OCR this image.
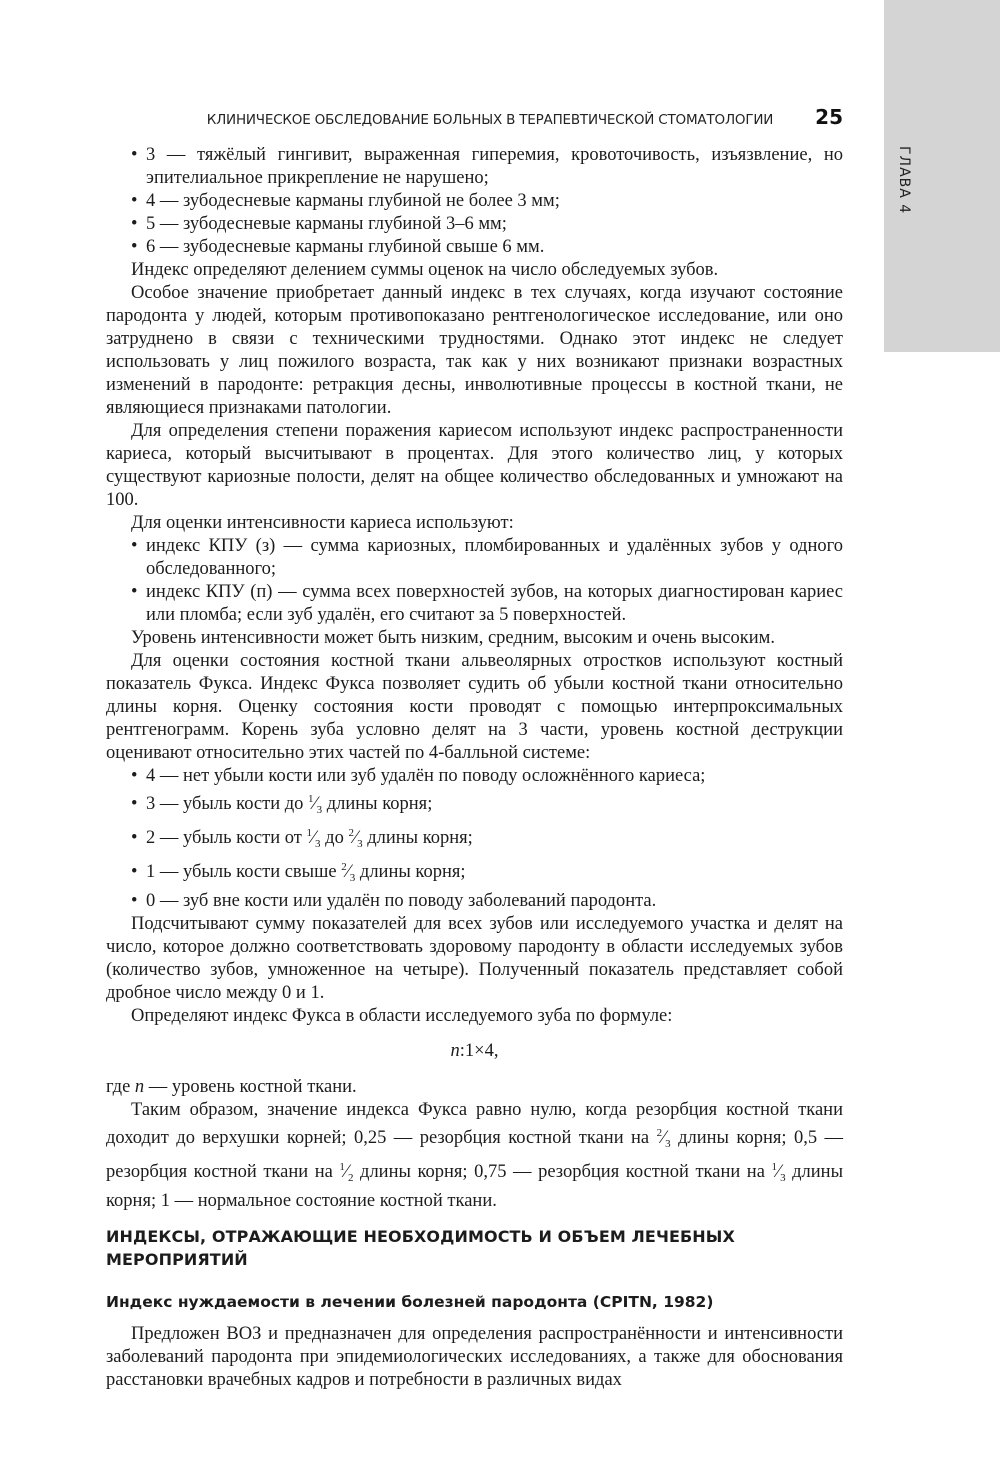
ГЛАВА 4
КЛИНИЧЕСКОЕ ОБСЛЕДОВАНИЕ БОЛЬНЫХ В ТЕРАПЕВТИЧЕСКОЙ СТОМАТОЛОГИИ 25
• 3 — тяжёлый гингивит, выраженная гиперемия, кровоточивость, изъязвление, но эпителиальное прикрепление не нарушено;
• 4 — зубодесневые карманы глубиной не более 3 мм;
• 5 — зубодесневые карманы глубиной 3–6 мм;
• 6 — зубодесневые карманы глубиной свыше 6 мм.

Индекс определяют делением суммы оценок на число обследуемых зубов.

Особое значение приобретает данный индекс в тех случаях, когда изучают состояние пародонта у людей, которым противопоказано рентгенологическое исследование, или оно затруднено в связи с техническими трудностями. Однако этот индекс не следует использовать у лиц пожилого возраста, так как у них возникают признаки возрастных изменений в пародонте: ретракция десны, инволютивные процессы в костной ткани, не являющиеся признаками патологии.

Для определения степени поражения кариесом используют индекс распространенности кариеса, который высчитывают в процентах. Для этого количество лиц, у которых существуют кариозные полости, делят на общее количество обследованных и умножают на 100.

Для оценки интенсивности кариеса используют:

• индекс КПУ (з) — сумма кариозных, пломбированных и удалённых зубов у одного обследованного;
• индекс КПУ (п) — сумма всех поверхностей зубов, на которых диагностирован кариес или пломба; если зуб удалён, его считают за 5 поверхностей.

Уровень интенсивности может быть низким, средним, высоким и очень высоким.

Для оценки состояния костной ткани альвеолярных отростков используют костный показатель Фукса. Индекс Фукса позволяет судить об убыли костной ткани относительно длины корня. Оценку состояния кости проводят с помощью интерпроксимальных рентгенограмм. Корень зуба условно делят на 3 части, уровень костной деструкции оценивают относительно этих частей по 4-балльной системе:

• 4 — нет убыли кости или зуб удалён по поводу осложнённого кариеса;
• 3 — убыль кости до $^1⁄_3$ длины корня;
• 2 — убыль кости от $^1⁄_3$ до $^2⁄_3$ длины корня;
• 1 — убыль кости свыше $^2⁄_3$ длины корня;
• 0 — зуб вне кости или удалён по поводу заболеваний пародонта.

Подсчитывают сумму показателей для всех зубов или исследуемого участка и делят на число, которое должно соответствовать здоровому пародонту в области исследуемых зубов (количество зубов, умноженное на четыре). Полученный показатель представляет собой дробное число между 0 и 1.

Определяют индекс Фукса в области исследуемого зуба по формуле:

n:1×4,

где n — уровень костной ткани.

Таким образом, значение индекса Фукса равно нулю, когда резорбция костной ткани доходит до верхушки корней; 0,25 — резорбция костной ткани на $^2⁄_3$ длины корня; 0,5 — резорбция костной ткани на $^1⁄_2$ длины корня; 0,75 — резорбция костной ткани на $^1⁄_3$ длины корня; 1 — нормальное состояние костной ткани.

ИНДЕКСЫ, ОТРАЖАЮЩИЕ НЕОБХОДИМОСТЬ И ОБЪЕМ ЛЕЧЕБНЫХ МЕРОПРИЯТИЙ
Индекс нуждаемости в лечении болезней пародонта (CPITN, 1982)

Предложен ВОЗ и предназначен для определения распространённости и интенсивности заболеваний пародонта при эпидемиологических исследованиях, а также для обоснования расстановки врачебных кадров и потребности в различных видах
